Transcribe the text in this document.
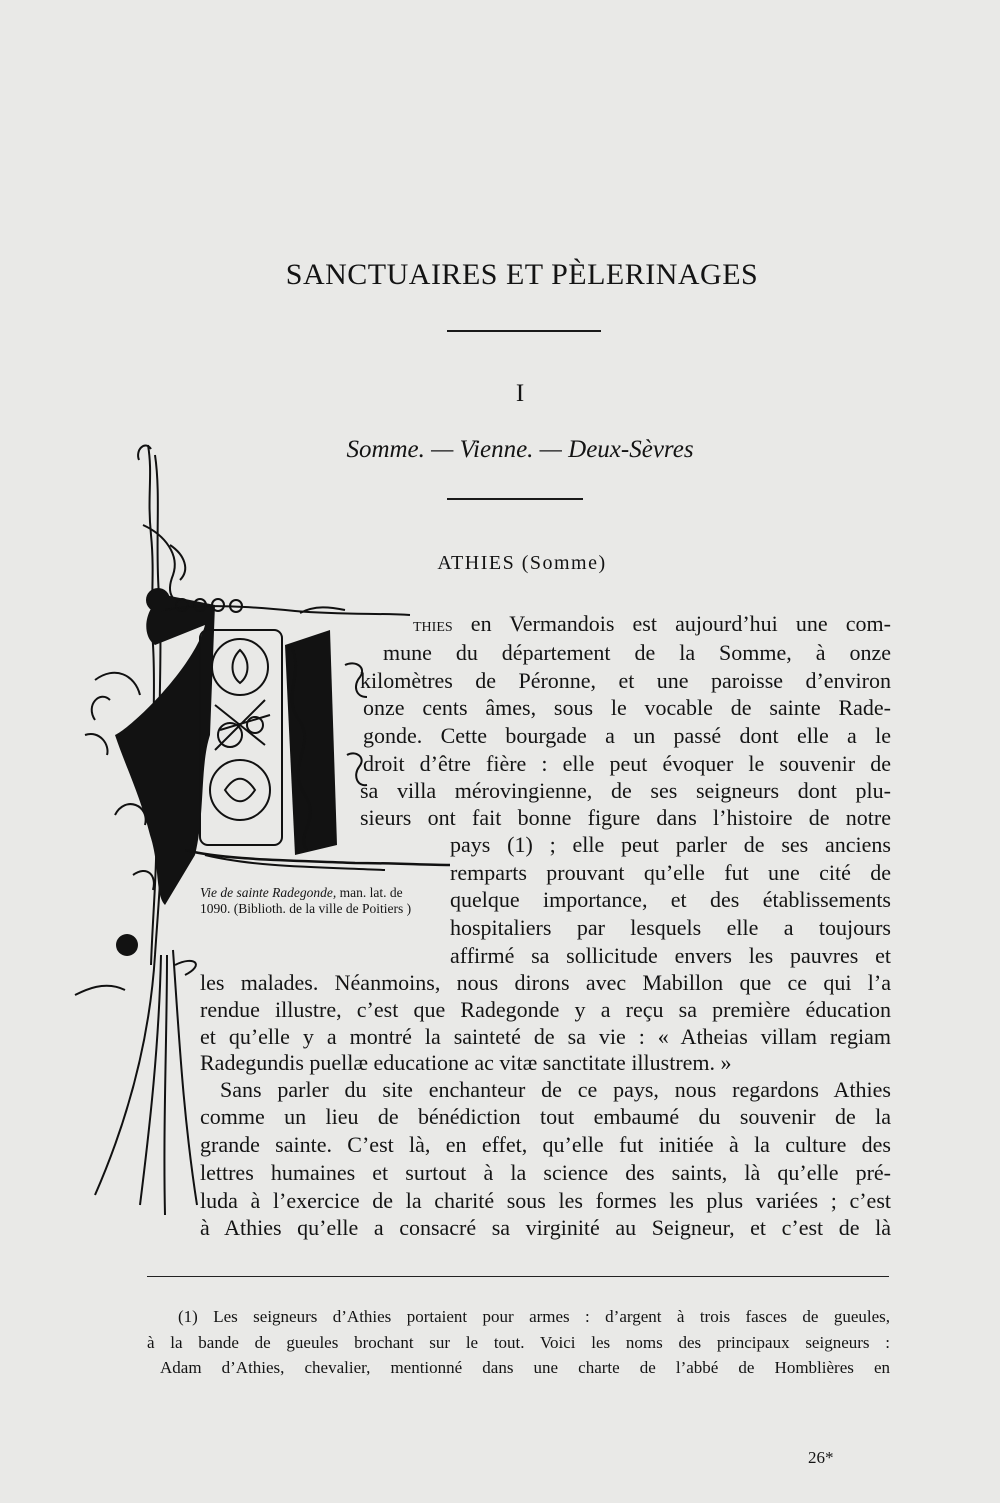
SANCTUAIRES ET PÈLERINAGES
I
Somme. — Vienne. — Deux-Sèvres
ATHIES (Somme)
thies en Vermandois est aujourd’hui une com-
mune du département de la Somme, à onze
kilomètres de Péronne, et une paroisse d’environ
onze cents âmes, sous le vocable de sainte Rade-
gonde. Cette bourgade a un passé dont elle a le
droit d’être fière : elle peut évoquer le souvenir de
sa villa mérovingienne, de ses seigneurs dont plu-
sieurs ont fait bonne figure dans l’histoire de notre
pays (1) ; elle peut parler de ses anciens
remparts prouvant qu’elle fut une cité de
quelque importance, et des établissements
hospitaliers par lesquels elle a toujours
affirmé sa sollicitude envers les pauvres et
les malades. Néanmoins, nous dirons avec Mabillon que ce qui l’a
rendue illustre, c’est que Radegonde y a reçu sa première éducation
et qu’elle y a montré la sainteté de sa vie : « Atheias villam regiam
Radegundis puellæ educatione ac vitæ sanctitate illustrem. »
Sans parler du site enchanteur de ce pays, nous regardons Athies
comme un lieu de bénédiction tout embaumé du souvenir de la
grande sainte. C’est là, en effet, qu’elle fut initiée à la culture des
lettres humaines et surtout à la science des saints, là qu’elle pré-
luda à l’exercice de la charité sous les formes les plus variées ; c’est
à Athies qu’elle a consacré sa virginité au Seigneur, et c’est de là
Vie de sainte Radegonde, man. lat. de 1090. (Biblioth. de la ville de Poitiers )
(1) Les seigneurs d’Athies portaient pour armes : d’argent à trois fasces de gueules,
à la bande de gueules brochant sur le tout. Voici les noms des principaux seigneurs :
Adam d’Athies, chevalier, mentionné dans une charte de l’abbé de Homblières en
26*
